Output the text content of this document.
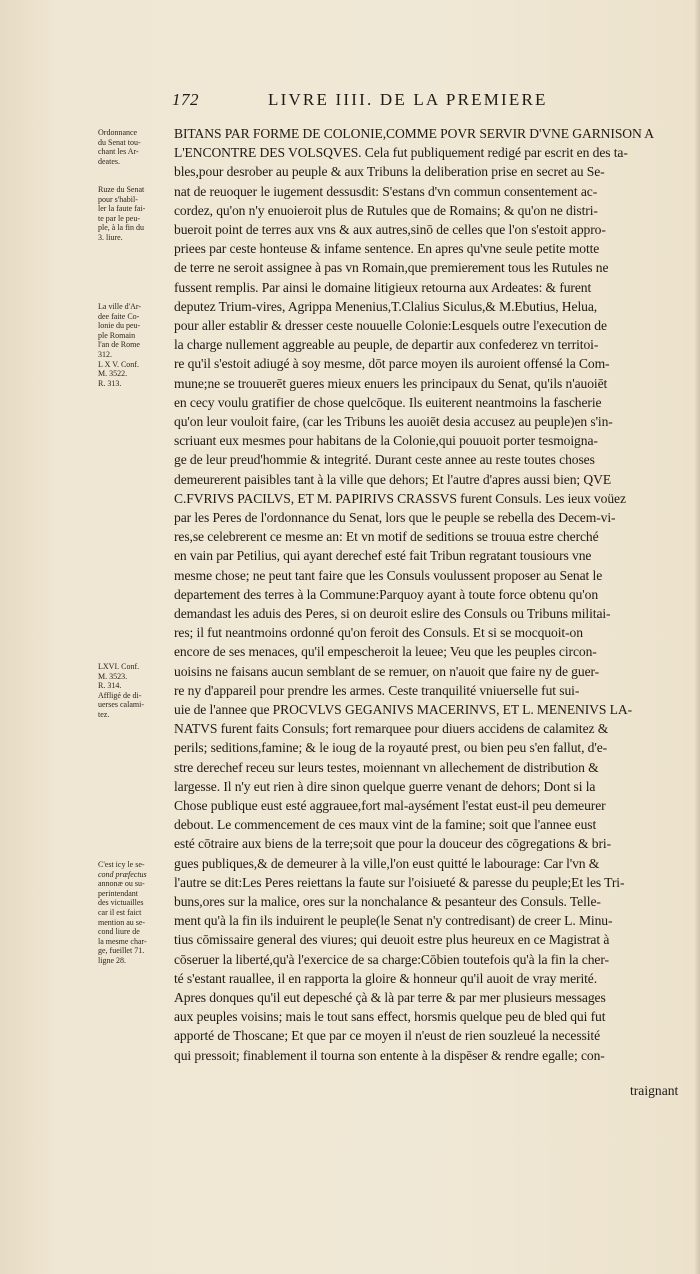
172	LIVRE IIII. DE LA PREMIERE
Ordonnance
du Senat tou-
chant les Ar-
deates.
Ruze du Senat
pour s'habil-
ler la faute fai-
te par le peu-
ple, à la fin du
3. liure.
La ville d'Ar-
dee faite Co-
lonie du peu-
ple Romain
l'an de Rome
312.
L X V. Conf.
M. 3522.
R. 313.
LXVI. Conf.
M. 3523.
R. 314.
Affligé de di-
uerses calami-
tez.
C'est icy le se-
cond præfectus
annonæ ou su-
perintendant
des victuailles
car il est faict
mention au se-
cond liure de
la mesme char-
ge, fueillet 71.
ligne 28.
BITANS PAR FORME DE COLONIE,COMME POVR SERVIR D'VNE GARNISON A
L'ENCONTRE DES VOLSQVES. Cela fut publiquement redigé par escrit en des ta-
bles,pour desrober au peuple & aux Tribuns la deliberation prise en secret au Se-
nat de reuoquer le iugement dessusdit: S'estans d'vn commun consentement ac-
cordez, qu'on n'y enuoieroit plus de Rutules que de Romains; & qu'on ne distri-
bueroit point de terres aux vns & aux autres,sinō de celles que l'on s'estoit appro-
priees par ceste honteuse & infame sentence. En apres qu'vne seule petite motte
de terre ne seroit assignee à pas vn Romain,que premierement tous les Rutules ne
fussent remplis. Par ainsi le domaine litigieux retourna aux Ardeates: & furent
deputez Trium-vires, Agrippa Menenius,T.Clalius Siculus,& M.Ebutius, Helua,
pour aller establir & dresser ceste nouuelle Colonie:Lesquels outre l'execution de
la charge nullement aggreable au peuple, de departir aux confederez vn territoi-
re qu'il s'estoit adiugé à soy mesme, dōt parce moyen ils auroient offensé la Com-
mune;ne se trouuerēt gueres mieux enuers les principaux du Senat, qu'ils n'auoiēt
en cecy voulu gratifier de chose quelcōque. Ils euiterent neantmoins la fascherie
qu'on leur vouloit faire, (car les Tribuns les auoiēt desia accusez au peuple)en s'in-
scriuant eux mesmes pour habitans de la Colonie,qui pouuoit porter tesmoigna-
ge de leur preud'hommie & integrité. Durant ceste annee au reste toutes choses
demeurerent paisibles tant à la ville que dehors; Et l'autre d'apres aussi bien; QVE
C.FVRIVS PACILVS, ET M. PAPIRIVS CRASSVS furent Consuls. Les ieux voüez
par les Peres de l'ordonnance du Senat, lors que le peuple se rebella des Decem-vi-
res,se celebrerent ce mesme an: Et vn motif de seditions se trouua estre cherché
en vain par Petilius, qui ayant derechef esté fait Tribun regratant tousiours vne
mesme chose; ne peut tant faire que les Consuls voulussent proposer au Senat le
departement des terres à la Commune:Parquoy ayant à toute force obtenu qu'on
demandast les aduis des Peres, si on deuroit eslire des Consuls ou Tribuns militai-
res; il fut neantmoins ordonné qu'on feroit des Consuls. Et si se mocquoit-on
encore de ses menaces, qu'il empescheroit la leuee; Veu que les peuples circon-
uoisins ne faisans aucun semblant de se remuer, on n'auoit que faire ny de guer-
re ny d'appareil pour prendre les armes. Ceste tranquilité vniuerselle fut sui-
uie de l'annee que PROCVLVS GEGANIVS MACERINVS, ET L. MENENIVS LA-
NATVS furent faits Consuls; fort remarquee pour diuers accidens de calamitez &
perils; seditions,famine; & le ioug de la royauté prest, ou bien peu s'en fallut, d'e-
stre derechef receu sur leurs testes, moiennant vn allechement de distribution &
largesse. Il n'y eut rien à dire sinon quelque guerre venant de dehors; Dont si la
Chose publique eust esté aggrauee,fort mal-aysément l'estat eust-il peu demeurer
debout. Le commencement de ces maux vint de la famine; soit que l'annee eust
esté cōtraire aux biens de la terre;soit que pour la douceur des cōgregations & bri-
gues publiques,& de demeurer à la ville,l'on eust quitté le labourage: Car l'vn &
l'autre se dit:Les Peres reiettans la faute sur l'oisiueté & paresse du peuple;Et les Tri-
buns,ores sur la malice, ores sur la nonchalance & pesanteur des Consuls. Telle-
ment qu'à la fin ils induirent le peuple(le Senat n'y contredisant) de creer L. Minu-
tius cōmissaire general des viures; qui deuoit estre plus heureux en ce Magistrat à
cōseruer la liberté,qu'à l'exercice de sa charge:Cōbien toutefois qu'à la fin la cher-
té s'estant rauallee, il en rapporta la gloire & honneur qu'il auoit de vray merité.
Apres donques qu'il eut depesché çà & là par terre & par mer plusieurs messages
aux peuples voisins; mais le tout sans effect, horsmis quelque peu de bled qui fut
apporté de Thoscane; Et que par ce moyen il n'eust de rien souzleué la necessité
qui pressoit; finablement il tourna son entente à la dispēser & rendre egalle; con-
traignant
